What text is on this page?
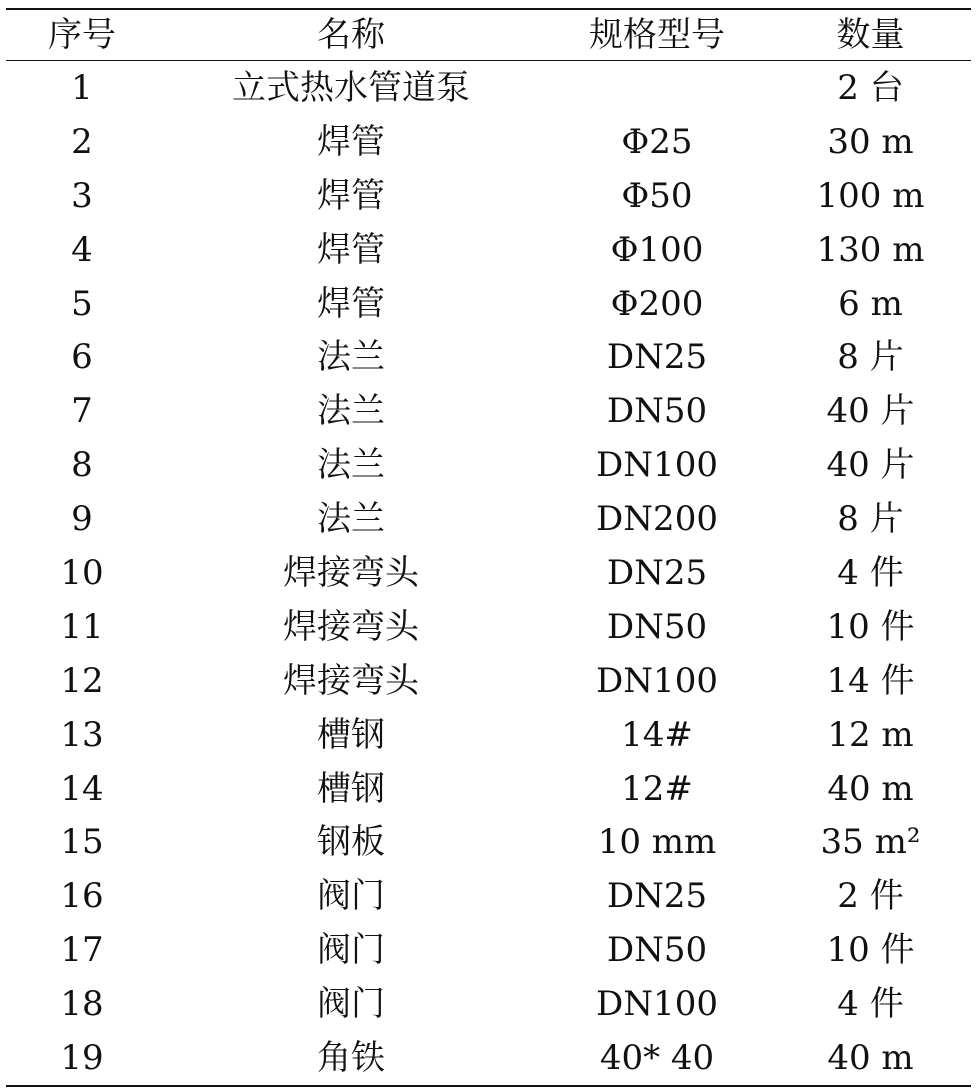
序号	名称	规格型号	数量
1	立式热水管道泵		2 台
2	焊管	Φ25	30 m
3	焊管	Φ50	100 m
4	焊管	Φ100	130 m
5	焊管	Φ200	6 m
6	法兰	DN25	8 片
7	法兰	DN50	40 片
8	法兰	DN100	40 片
9	法兰	DN200	8 片
10	焊接弯头	DN25	4 件
11	焊接弯头	DN50	10 件
12	焊接弯头	DN100	14 件
13	槽钢	14#	12 m
14	槽钢	12#	40 m
15	钢板	10 mm	35 m²
16	阀门	DN25	2 件
17	阀门	DN50	10 件
18	阀门	DN100	4 件
19	角铁	40* 40	40 m
